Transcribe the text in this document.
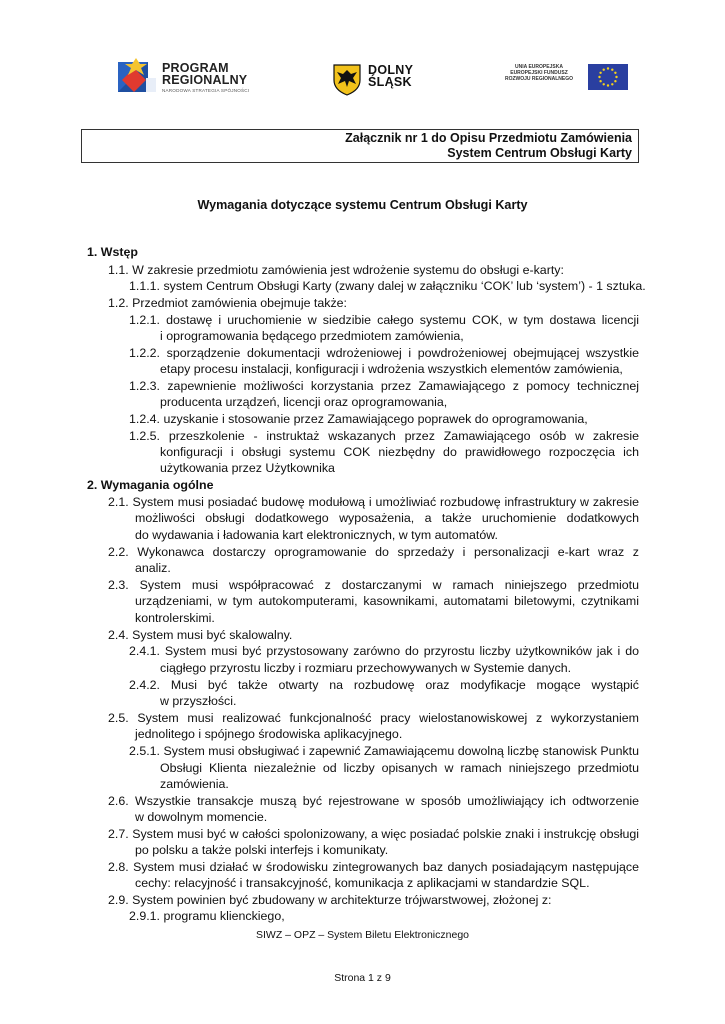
PROGRAM
REGIONALNY
NARODOWA STRATEGIA SPÓJNOŚCI
DOLNY
ŚLĄSK
UNIA EUROPEJSKA
EUROPEJSKI FUNDUSZ
ROZWOJU REGIONALNEGO
Załącznik nr 1 do Opisu Przedmiotu Zamówienia
System Centrum Obsługi Karty
Wymagania dotyczące systemu Centrum Obsługi Karty
1. Wstęp
1.1. W zakresie przedmiotu zamówienia jest wdrożenie systemu do obsługi e-karty:
1.1.1. system Centrum Obsługi Karty (zwany dalej w załączniku ‘COK’ lub ‘system’) - 1 sztuka.
1.2. Przedmiot zamówienia obejmuje także:
1.2.1. dostawę i uruchomienie w siedzibie całego systemu COK, w tym dostawa licencji
i oprogramowania będącego przedmiotem zamówienia,
1.2.2. sporządzenie dokumentacji wdrożeniowej i powdrożeniowej obejmującej wszystkie
etapy procesu instalacji, konfiguracji i wdrożenia wszystkich elementów zamówienia,
1.2.3. zapewnienie możliwości korzystania przez Zamawiającego z pomocy technicznej
producenta urządzeń, licencji oraz oprogramowania,
1.2.4. uzyskanie i stosowanie przez Zamawiającego poprawek do oprogramowania,
1.2.5. przeszkolenie - instruktaż wskazanych przez Zamawiającego osób w zakresie
konfiguracji i obsługi systemu COK niezbędny do prawidłowego rozpoczęcia ich
użytkowania przez Użytkownika
2. Wymagania ogólne
2.1. System musi posiadać budowę modułową i umożliwiać rozbudowę infrastruktury w zakresie
możliwości obsługi dodatkowego wyposażenia, a także uruchomienie dodatkowych
do wydawania i ładowania kart elektronicznych, w tym automatów.
2.2. Wykonawca dostarczy oprogramowanie do sprzedaży i personalizacji e-kart wraz z
analiz.
2.3. System musi współpracować z dostarczanymi w ramach niniejszego przedmiotu
urządzeniami, w tym autokomputerami, kasownikami, automatami biletowymi, czytnikami
kontrolerskimi.
2.4. System musi być skalowalny.
2.4.1. System musi być przystosowany zarówno do przyrostu liczby użytkowników jak i do
ciągłego przyrostu liczby i rozmiaru przechowywanych w Systemie danych.
2.4.2. Musi być także otwarty na rozbudowę oraz modyfikacje mogące wystąpić
w przyszłości.
2.5. System musi realizować funkcjonalność pracy wielostanowiskowej z wykorzystaniem
jednolitego i spójnego środowiska aplikacyjnego.
2.5.1. System musi obsługiwać i zapewnić Zamawiającemu dowolną liczbę stanowisk Punktu
Obsługi Klienta niezależnie od liczby opisanych w ramach niniejszego przedmiotu
zamówienia.
2.6. Wszystkie transakcje muszą być rejestrowane w sposób umożliwiający ich odtworzenie
w dowolnym momencie.
2.7. System musi być w całości spolonizowany, a więc posiadać polskie znaki i instrukcję obsługi
po polsku a także polski interfejs i komunikaty.
2.8. System musi działać w środowisku zintegrowanych baz danych posiadającym następujące
cechy: relacyjność i transakcyjność, komunikacja z aplikacjami w standardzie SQL.
2.9. System powinien być zbudowany w architekturze trójwarstwowej, złożonej z:
2.9.1. programu klienckiego,
SIWZ – OPZ – System Biletu Elektronicznego
Strona 1 z 9
